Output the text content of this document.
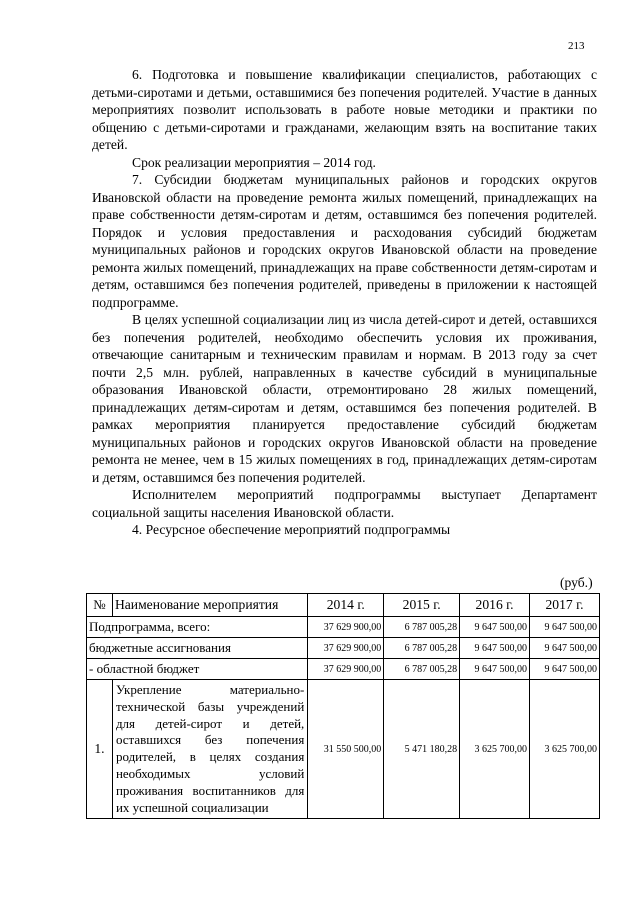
213

6. Подготовка и повышение квалификации специалистов, работающих с детьми-сиротами и детьми, оставшимися без попечения родителей. Участие в данных мероприятиях позволит использовать в работе новые методики и практики по общению с детьми-сиротами и гражданами, желающим взять на воспитание таких детей.

Срок реализации мероприятия – 2014 год.

7. Субсидии бюджетам муниципальных районов и городских округов Ивановской области на проведение ремонта жилых помещений, принадлежащих на праве собственности детям-сиротам и детям, оставшимся без попечения родителей. Порядок и условия предоставления и расходования субсидий бюджетам муниципальных районов и городских округов Ивановской области на проведение ремонта жилых помещений, принадлежащих на праве собственности детям-сиротам и детям, оставшимся без попечения родителей, приведены в приложении к настоящей подпрограмме.

В целях успешной социализации лиц из числа детей-сирот и детей, оставшихся без попечения родителей, необходимо обеспечить условия их проживания, отвечающие санитарным и техническим правилам и нормам. В 2013 году за счет почти 2,5 млн. рублей, направленных в качестве субсидий в муниципальные образования Ивановской области, отремонтировано 28 жилых помещений, принадлежащих детям-сиротам и детям, оставшимся без попечения родителей. В рамках мероприятия планируется предоставление субсидий бюджетам муниципальных районов и городских округов Ивановской области на проведение ремонта не менее, чем в 15 жилых помещениях в год, принадлежащих детям-сиротам и детям, оставшимся без попечения родителей.

Исполнителем мероприятий подпрограммы выступает Департамент социальной защиты населения Ивановской области.

4. Ресурсное обеспечение мероприятий подпрограммы

(руб.)
№	Наименование мероприятия	2014 г.	2015 г.	2016 г.	2017 г.
Подпрограмма, всего:		37 629 900,00	6 787 005,28	9 647 500,00	9 647 500,00
бюджетные ассигнования		37 629 900,00	6 787 005,28	9 647 500,00	9 647 500,00
- областной бюджет		37 629 900,00	6 787 005,28	9 647 500,00	9 647 500,00
1.	Укрепление материально-технической базы учреждений для детей-сирот и детей, оставшихся без попечения родителей, в целях создания необходимых условий проживания воспитанников для их успешной социализации	31 550 500,00	5 471 180,28	3 625 700,00	3 625 700,00
